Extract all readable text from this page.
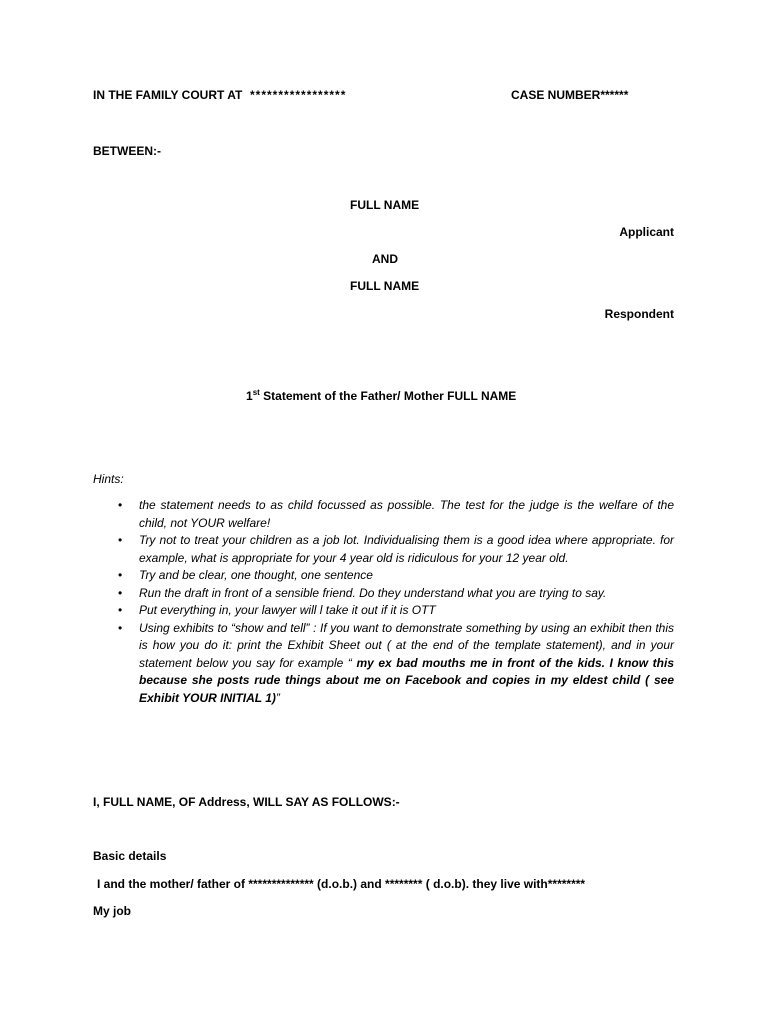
IN THE FAMILY COURT AT *****************	CASE NUMBER******
BETWEEN:-
FULL NAME
Applicant
AND
FULL NAME
Respondent
1st Statement of the Father/ Mother FULL NAME
Hints:
• the statement needs to as child focussed as possible. The test for the judge is the welfare of the child, not YOUR welfare!
• Try not to treat your children as a job lot. Individualising them is a good idea where appropriate. for example, what is appropriate for your 4 year old is ridiculous for your 12 year old.
• Try and be clear, one thought, one sentence
• Run the draft in front of a sensible friend. Do they understand what you are trying to say.
• Put everything in, your lawyer will l take it out if it is OTT
• Using exhibits to “show and tell” : If you want to demonstrate something by using an exhibit then this is how you do it: print the Exhibit Sheet out ( at the end of the template statement), and in your statement below you say for example “ my ex bad mouths me in front of the kids. I know this because she posts rude things about me on Facebook and copies in my eldest child ( see Exhibit YOUR INITIAL 1)”
I, FULL NAME, OF Address, WILL SAY AS FOLLOWS:-
Basic details
I and the mother/ father of ************** (d.o.b.) and ******** ( d.o.b). they live with********
My job
